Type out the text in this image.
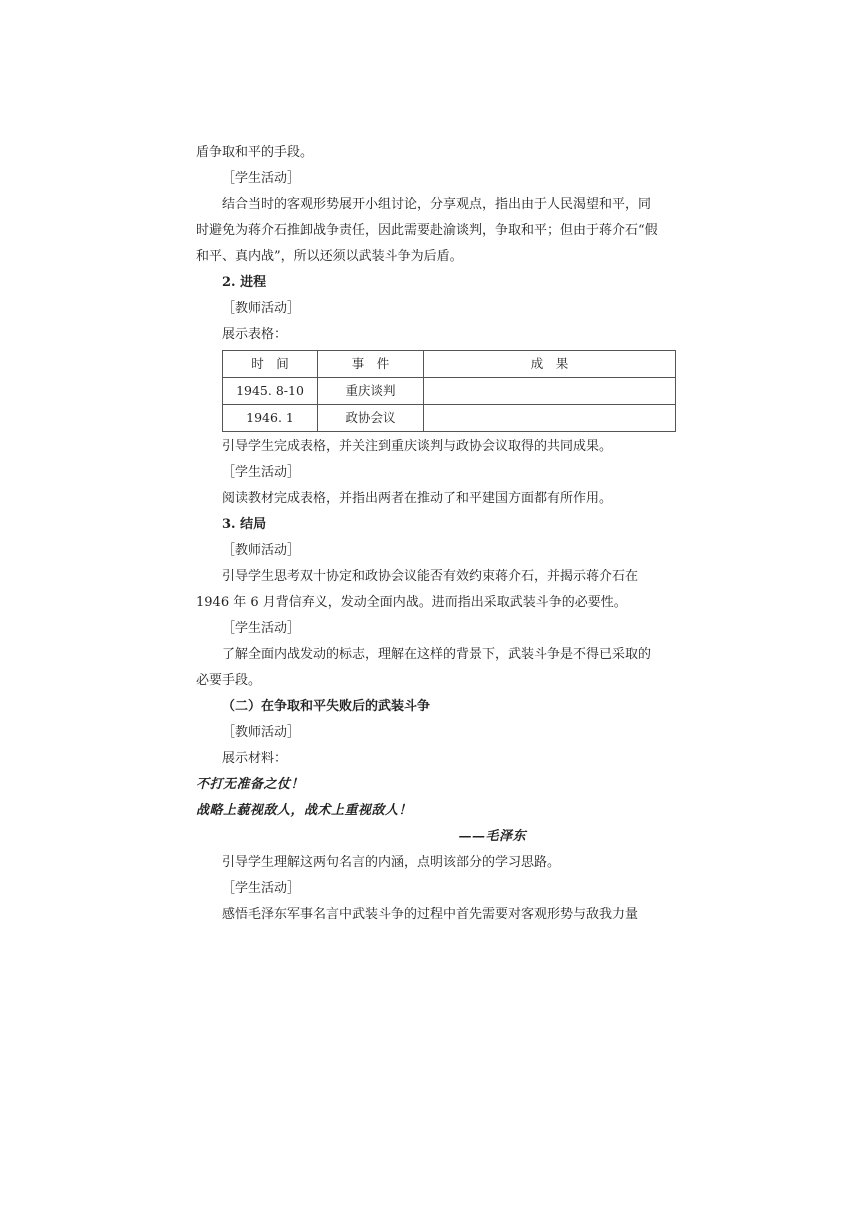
盾争取和平的手段。
［学生活动］
结合当时的客观形势展开小组讨论，分享观点，指出由于人民渴望和平，同
时避免为蒋介石推卸战争责任，因此需要赴渝谈判，争取和平；但由于蒋介石“假
和平、真内战”，所以还须以武装斗争为后盾。
2. 进程
［教师活动］
展示表格：
时　间	事　件	成　果
1945. 8-10	重庆谈判	
1946. 1	政协会议	
引导学生完成表格，并关注到重庆谈判与政协会议取得的共同成果。
［学生活动］
阅读教材完成表格，并指出两者在推动了和平建国方面都有所作用。
3. 结局
［教师活动］
引导学生思考双十协定和政协会议能否有效约束蒋介石，并揭示蒋介石在
1946 年 6 月背信弃义，发动全面内战。进而指出采取武装斗争的必要性。
［学生活动］
了解全面内战发动的标志，理解在这样的背景下，武装斗争是不得已采取的
必要手段。
（二）在争取和平失败后的武装斗争
［教师活动］
展示材料：
不打无准备之仗！
战略上藐视敌人，战术上重视敌人！
——毛泽东
引导学生理解这两句名言的内涵，点明该部分的学习思路。
［学生活动］
感悟毛泽东军事名言中武装斗争的过程中首先需要对客观形势与敌我力量
